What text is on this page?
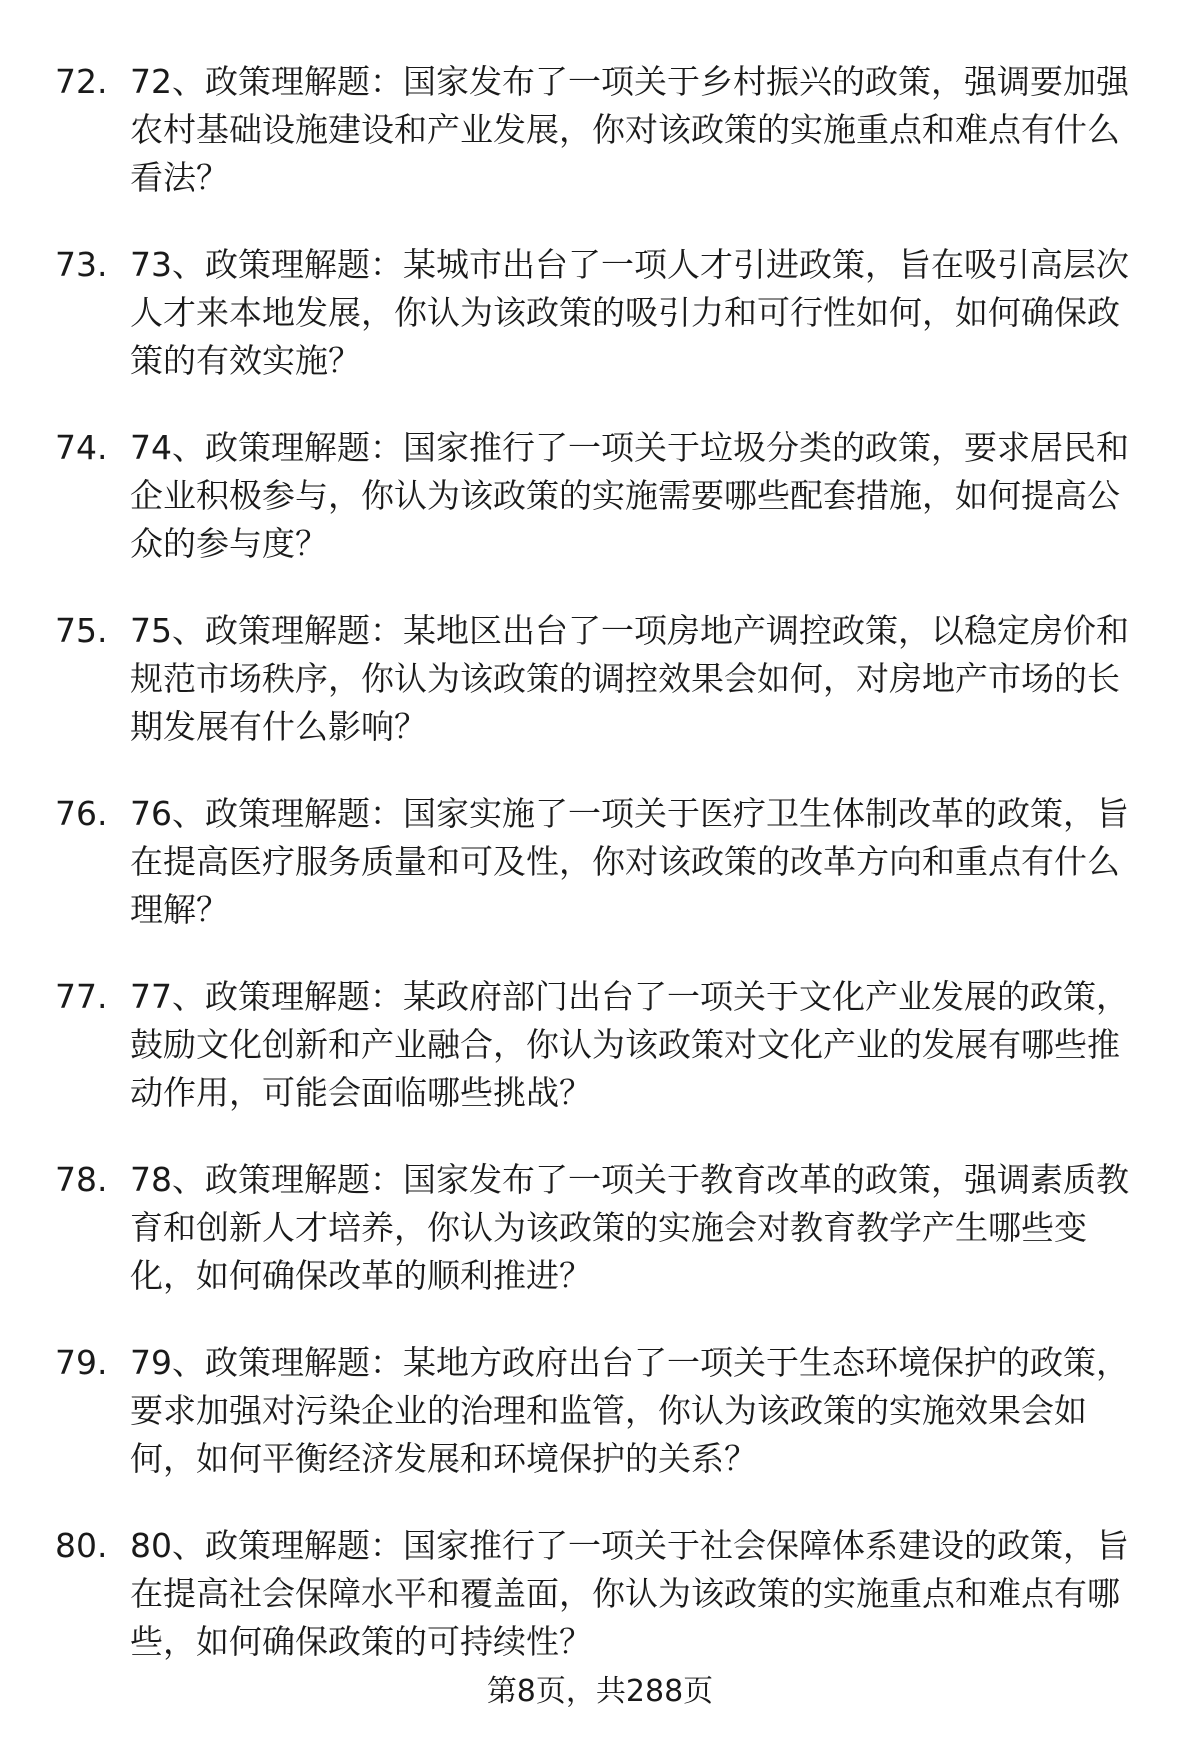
72. 72、政策理解题：国家发布了一项关于乡村振兴的政策，强调要加强农村基础设施建设和产业发展，你对该政策的实施重点和难点有什么看法？
73. 73、政策理解题：某城市出台了一项人才引进政策，旨在吸引高层次人才来本地发展，你认为该政策的吸引力和可行性如何，如何确保政策的有效实施？
74. 74、政策理解题：国家推行了一项关于垃圾分类的政策，要求居民和企业积极参与，你认为该政策的实施需要哪些配套措施，如何提高公众的参与度？
75. 75、政策理解题：某地区出台了一项房地产调控政策，以稳定房价和规范市场秩序，你认为该政策的调控效果会如何，对房地产市场的长期发展有什么影响？
76. 76、政策理解题：国家实施了一项关于医疗卫生体制改革的政策，旨在提高医疗服务质量和可及性，你对该政策的改革方向和重点有什么理解？
77. 77、政策理解题：某政府部门出台了一项关于文化产业发展的政策，鼓励文化创新和产业融合，你认为该政策对文化产业的发展有哪些推动作用，可能会面临哪些挑战？
78. 78、政策理解题：国家发布了一项关于教育改革的政策，强调素质教育和创新人才培养，你认为该政策的实施会对教育教学产生哪些变化，如何确保改革的顺利推进？
79. 79、政策理解题：某地方政府出台了一项关于生态环境保护的政策，要求加强对污染企业的治理和监管，你认为该政策的实施效果会如何，如何平衡经济发展和环境保护的关系？
80. 80、政策理解题：国家推行了一项关于社会保障体系建设的政策，旨在提高社会保障水平和覆盖面，你认为该政策的实施重点和难点有哪些，如何确保政策的可持续性？
第8页，共288页
